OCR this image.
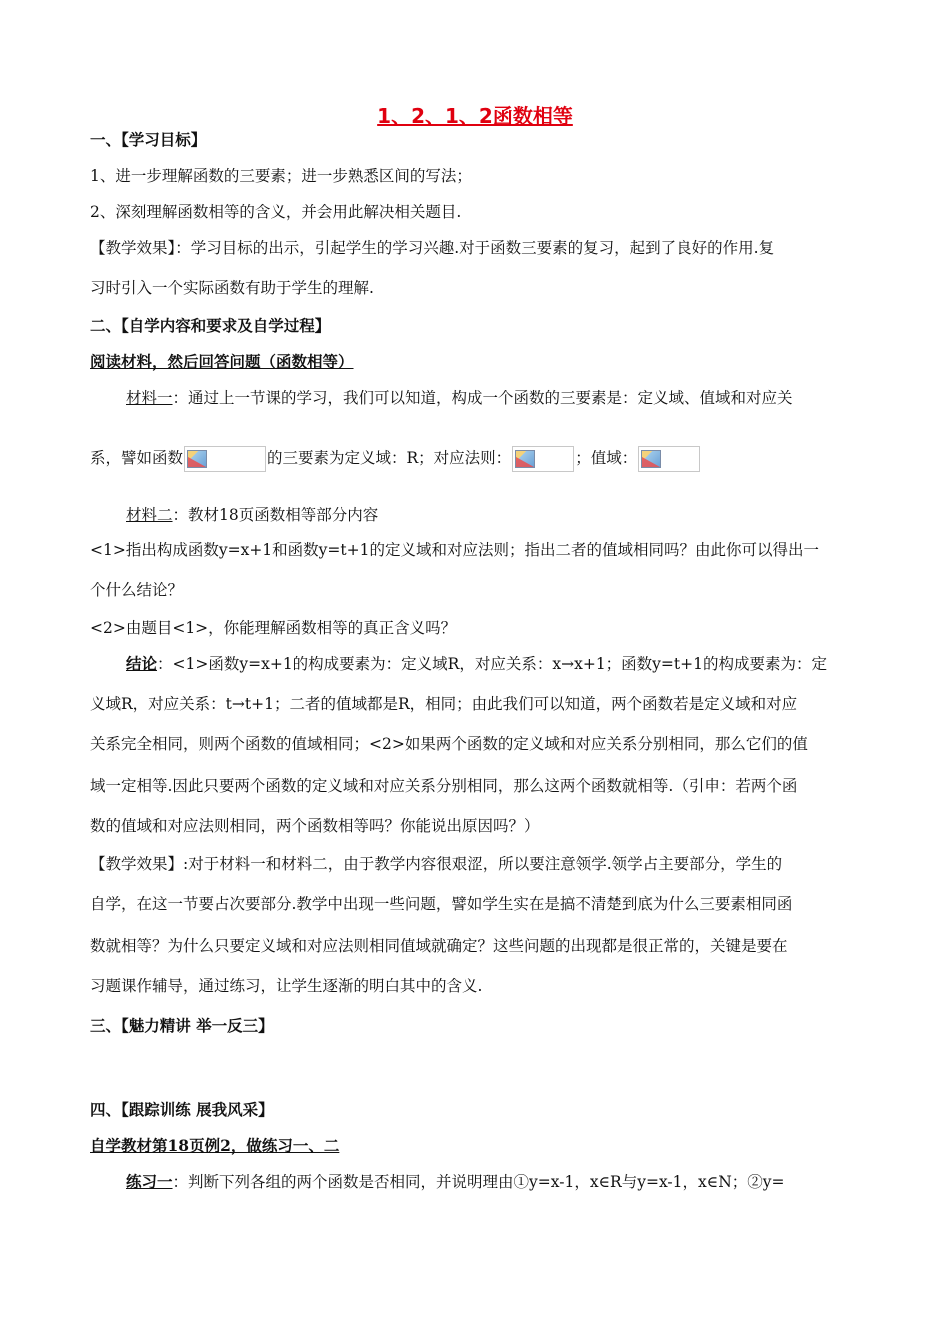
1、2、1、2函数相等
一、【学习目标】
1、进一步理解函数的三要素；进一步熟悉区间的写法；
2、深刻理解函数相等的含义，并会用此解决相关题目.
【教学效果】：学习目标的出示，引起学生的学习兴趣.对于函数三要素的复习，起到了良好的作用.复
习时引入一个实际函数有助于学生的理解.
二、【自学内容和要求及自学过程】
阅读材料，然后回答问题（函数相等）
材料一：通过上一节课的学习，我们可以知道，构成一个函数的三要素是：定义域、值域和对应关
系，譬如函数	的三要素为定义域：R；对应法则：	；值域：
材料二：教材18页函数相等部分内容
<1>指出构成函数y=x+1和函数y=t+1的定义域和对应法则；指出二者的值域相同吗？由此你可以得出一
个什么结论？
<2>由题目<1>，你能理解函数相等的真正含义吗？
结论：<1>函数y=x+1的构成要素为：定义域R，对应关系：x→x+1；函数y=t+1的构成要素为：定
义域R，对应关系：t→t+1；二者的值域都是R，相同；由此我们可以知道，两个函数若是定义域和对应
关系完全相同，则两个函数的值域相同；<2>如果两个函数的定义域和对应关系分别相同，那么它们的值
域一定相等.因此只要两个函数的定义域和对应关系分别相同，那么这两个函数就相等.（引申：若两个函
数的值域和对应法则相同，两个函数相等吗？你能说出原因吗？）
【教学效果】:对于材料一和材料二，由于教学内容很艰涩，所以要注意领学.领学占主要部分，学生的
自学，在这一节要占次要部分.教学中出现一些问题，譬如学生实在是搞不清楚到底为什么三要素相同函
数就相等？为什么只要定义域和对应法则相同值域就确定？这些问题的出现都是很正常的，关键是要在
习题课作辅导，通过练习，让学生逐渐的明白其中的含义.
三、【魅力精讲 举一反三】
四、【跟踪训练 展我风采】
自学教材第18页例2，做练习一、二
练习一：判断下列各组的两个函数是否相同，并说明理由①y=x-1，x∈R与y=x-1，x∈N；②y=
